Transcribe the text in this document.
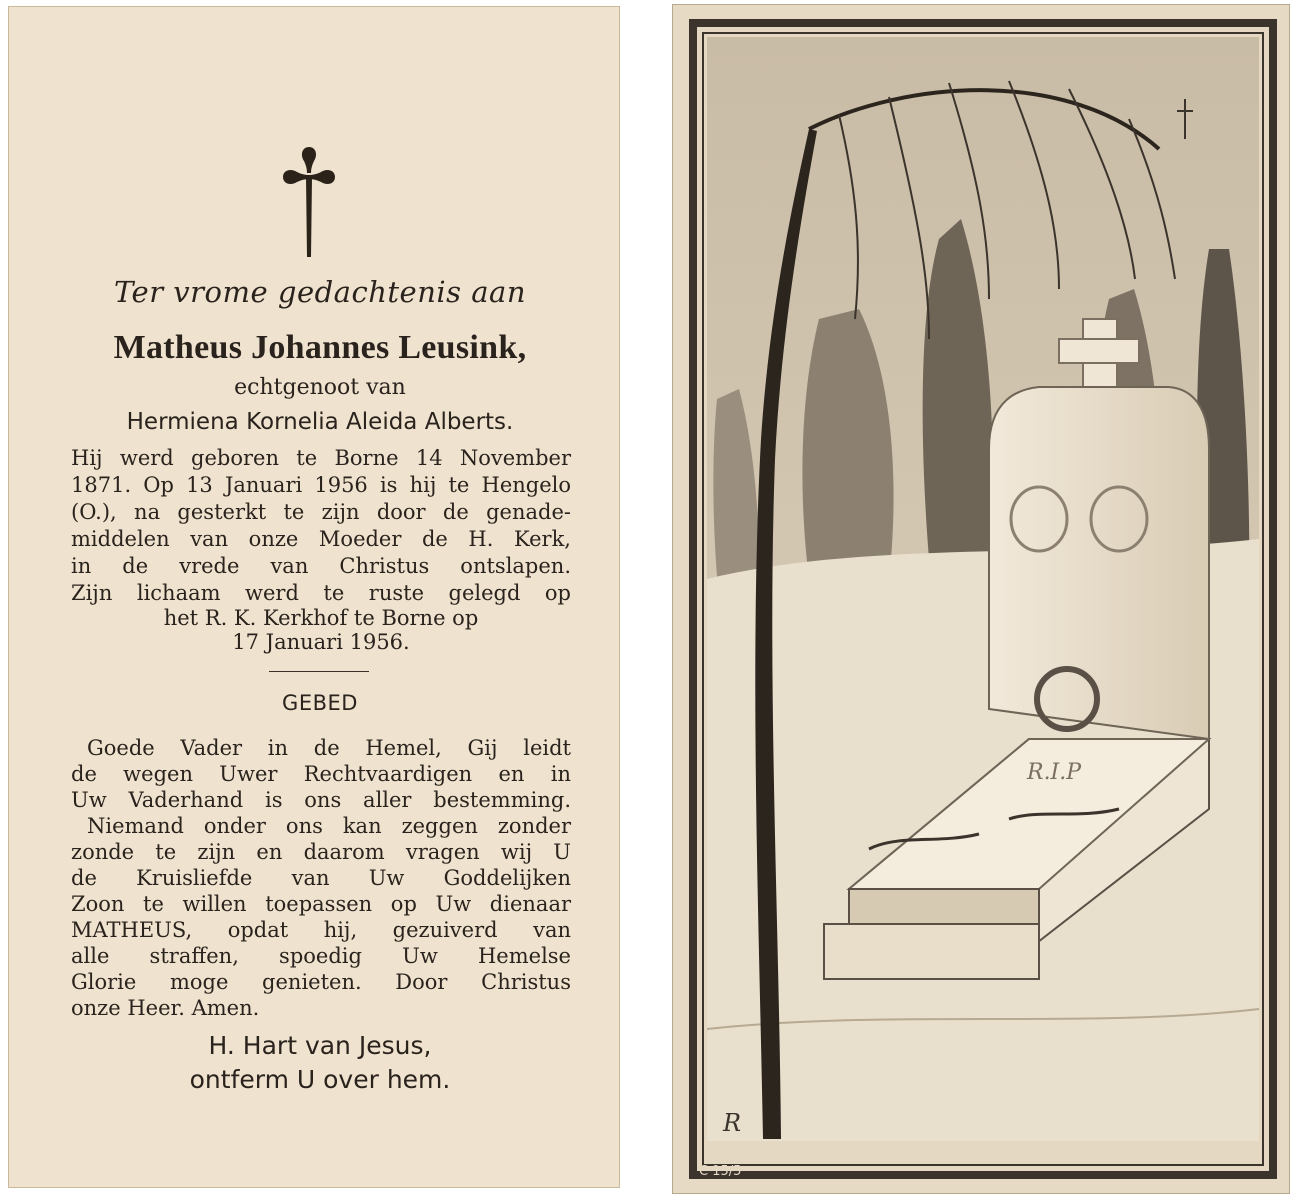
Ter vrome gedachtenis aan
Matheus Johannes Leusink,
echtgenoot van
Hermiena Kornelia Aleida Alberts.
Hij werd geboren te Borne 14 November
1871. Op 13 Januari 1956 is hij te Hengelo
(O.), na gesterkt te zijn door de genade-
middelen van onze Moeder de H. Kerk,
in de vrede van Christus ontslapen.
Zijn lichaam werd te ruste gelegd op
het R. K. Kerkhof te Borne op
17 Januari 1956.
GEBED
Goede Vader in de Hemel, Gij leidt
de wegen Uwer Rechtvaardigen en in
Uw Vaderhand is ons aller bestemming.
Niemand onder ons kan zeggen zonder
zonde te zijn en daarom vragen wij U
de Kruisliefde van Uw Goddelijken
Zoon te willen toepassen op Uw dienaar
MATHEUS, opdat hij, gezuiverd van
alle straffen, spoedig Uw Hemelse
Glorie moge genieten. Door Christus
onze Heer. Amen.
H. Hart van Jesus,
ontferm U over hem.
R.I.P
R
C 15/5
